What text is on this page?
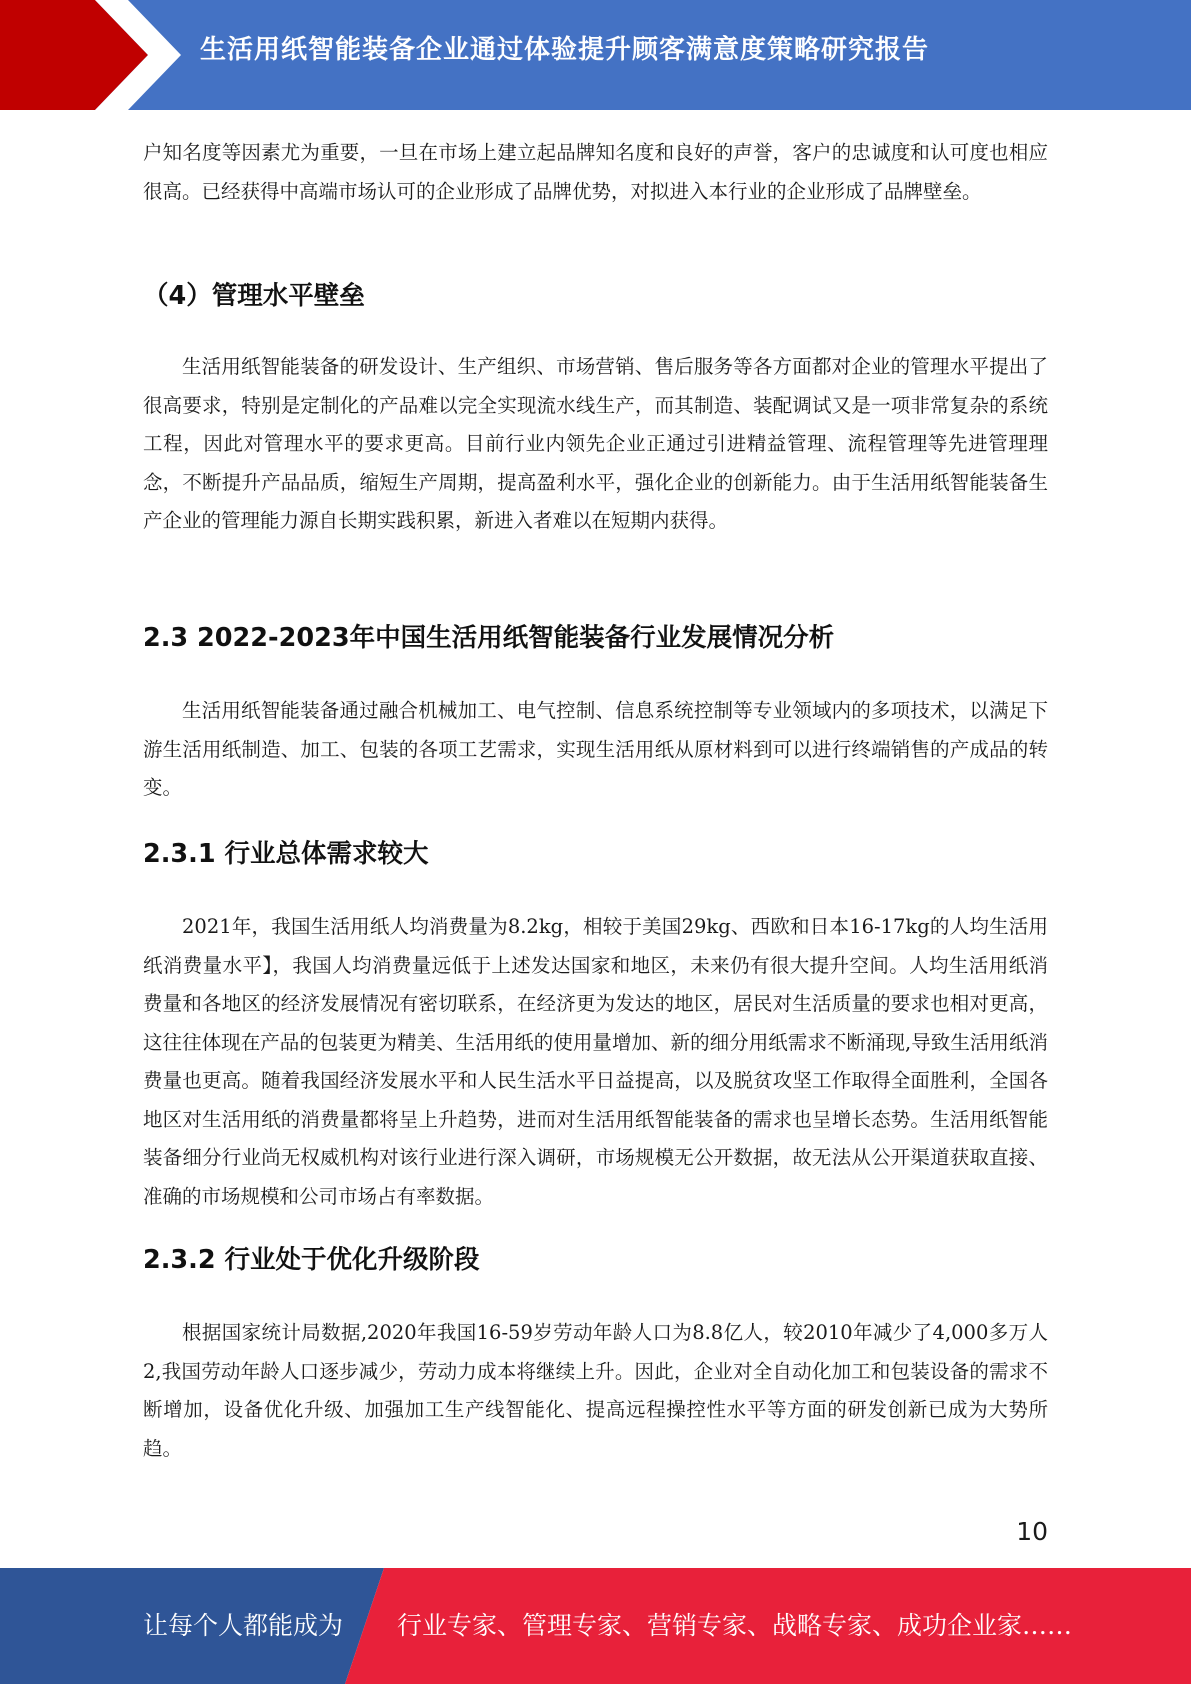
生活用纸智能装备企业通过体验提升顾客满意度策略研究报告

户知名度等因素尤为重要，一旦在市场上建立起品牌知名度和良好的声誉，客户的忠诚度和认可度也相应很高。已经获得中高端市场认可的企业形成了品牌优势，对拟进入本行业的企业形成了品牌壁垒。

（4）管理水平壁垒

生活用纸智能装备的研发设计、生产组织、市场营销、售后服务等各方面都对企业的管理水平提出了很高要求，特别是定制化的产品难以完全实现流水线生产，而其制造、装配调试又是一项非常复杂的系统工程，因此对管理水平的要求更高。目前行业内领先企业正通过引进精益管理、流程管理等先进管理理念，不断提升产品品质，缩短生产周期，提高盈利水平，强化企业的创新能力。由于生活用纸智能装备生产企业的管理能力源自长期实践积累，新进入者难以在短期内获得。

2.3 2022-2023年中国生活用纸智能装备行业发展情况分析

生活用纸智能装备通过融合机械加工、电气控制、信息系统控制等专业领域内的多项技术，以满足下游生活用纸制造、加工、包装的各项工艺需求，实现生活用纸从原材料到可以进行终端销售的产成品的转变。

2.3.1 行业总体需求较大

2021年，我国生活用纸人均消费量为8.2kg，相较于美国29kg、西欧和日本16-17kg的人均生活用纸消费量水平】，我国人均消费量远低于上述发达国家和地区，未来仍有很大提升空间。人均生活用纸消费量和各地区的经济发展情况有密切联系，在经济更为发达的地区，居民对生活质量的要求也相对更高，这往往体现在产品的包装更为精美、生活用纸的使用量增加、新的细分用纸需求不断涌现,导致生活用纸消费量也更高。随着我国经济发展水平和人民生活水平日益提高，以及脱贫攻坚工作取得全面胜利，全国各地区对生活用纸的消费量都将呈上升趋势，进而对生活用纸智能装备的需求也呈增长态势。生活用纸智能装备细分行业尚无权威机构对该行业进行深入调研，市场规模无公开数据，故无法从公开渠道获取直接、准确的市场规模和公司市场占有率数据。

2.3.2 行业处于优化升级阶段

根据国家统计局数据,2020年我国16-59岁劳动年龄人口为8.8亿人，较2010年减少了4,000多万人2,我国劳动年龄人口逐步减少，劳动力成本将继续上升。因此，企业对全自动化加工和包装设备的需求不断增加，设备优化升级、加强加工生产线智能化、提高远程操控性水平等方面的研发创新已成为大势所趋。

10
让每个人都能成为 行业专家、管理专家、营销专家、战略专家、成功企业家……
